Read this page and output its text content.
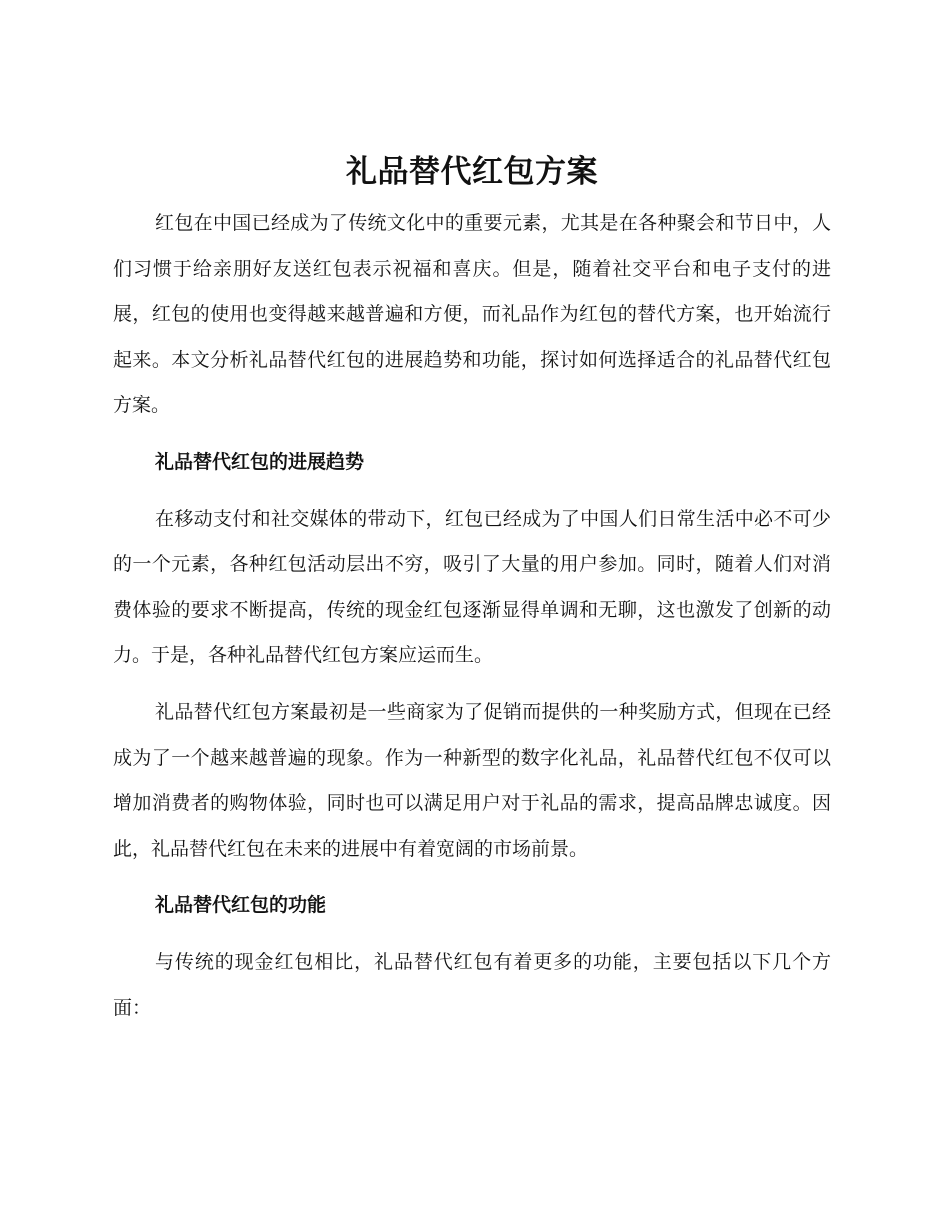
礼品替代红包方案

红包在中国已经成为了传统文化中的重要元素，尤其是在各种聚会和节日中，人们习惯于给亲朋好友送红包表示祝福和喜庆。但是，随着社交平台和电子支付的进展，红包的使用也变得越来越普遍和方便，而礼品作为红包的替代方案，也开始流行起来。本文分析礼品替代红包的进展趋势和功能，探讨如何选择适合的礼品替代红包方案。

礼品替代红包的进展趋势

在移动支付和社交媒体的带动下，红包已经成为了中国人们日常生活中必不可少的一个元素，各种红包活动层出不穷，吸引了大量的用户参加。同时，随着人们对消费体验的要求不断提高，传统的现金红包逐渐显得单调和无聊，这也激发了创新的动力。于是，各种礼品替代红包方案应运而生。

礼品替代红包方案最初是一些商家为了促销而提供的一种奖励方式，但现在已经成为了一个越来越普遍的现象。作为一种新型的数字化礼品，礼品替代红包不仅可以增加消费者的购物体验，同时也可以满足用户对于礼品的需求，提高品牌忠诚度。因此，礼品替代红包在未来的进展中有着宽阔的市场前景。

礼品替代红包的功能

与传统的现金红包相比，礼品替代红包有着更多的功能，主要包括以下几个方面：
